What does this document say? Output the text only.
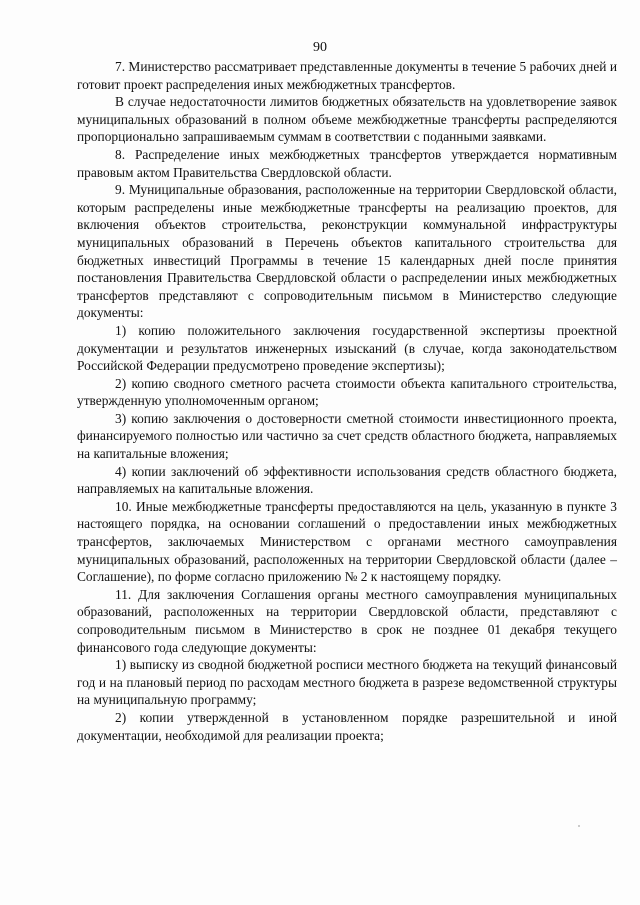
90

7. Министерство рассматривает представленные документы в течение 5 рабочих дней и готовит проект распределения иных межбюджетных трансфертов.

В случае недостаточности лимитов бюджетных обязательств на удовлетворение заявок муниципальных образований в полном объеме межбюджетные трансферты распределяются пропорционально запрашиваемым суммам в соответствии с поданными заявками.

8. Распределение иных межбюджетных трансфертов утверждается нормативным правовым актом Правительства Свердловской области.

9. Муниципальные образования, расположенные на территории Свердловской области, которым распределены иные межбюджетные трансферты на реализацию проектов, для включения объектов строительства, реконструкции коммунальной инфраструктуры муниципальных образований в Перечень объектов капитального строительства для бюджетных инвестиций Программы в течение 15 календарных дней после принятия постановления Правительства Свердловской области о распределении иных межбюджетных трансфертов представляют с сопроводительным письмом в Министерство следующие документы:

1) копию положительного заключения государственной экспертизы проектной документации и результатов инженерных изысканий (в случае, когда законодательством Российской Федерации предусмотрено проведение экспертизы);

2) копию сводного сметного расчета стоимости объекта капитального строительства, утвержденную уполномоченным органом;

3) копию заключения о достоверности сметной стоимости инвестиционного проекта, финансируемого полностью или частично за счет средств областного бюджета, направляемых на капитальные вложения;

4) копии заключений об эффективности использования средств областного бюджета, направляемых на капитальные вложения.

10. Иные межбюджетные трансферты предоставляются на цель, указанную в пункте 3 настоящего порядка, на основании соглашений о предоставлении иных межбюджетных трансфертов, заключаемых Министерством с органами местного самоуправления муниципальных образований, расположенных на территории Свердловской области (далее – Соглашение), по форме согласно приложению № 2 к настоящему порядку.

11. Для заключения Соглашения органы местного самоуправления муниципальных образований, расположенных на территории Свердловской области, представляют с сопроводительным письмом в Министерство в срок не позднее 01 декабря текущего финансового года следующие документы:

1) выписку из сводной бюджетной росписи местного бюджета на текущий финансовый год и на плановый период по расходам местного бюджета в разрезе ведомственной структуры на муниципальную программу;

2) копии утвержденной в установленном порядке разрешительной и иной документации, необходимой для реализации проекта;
